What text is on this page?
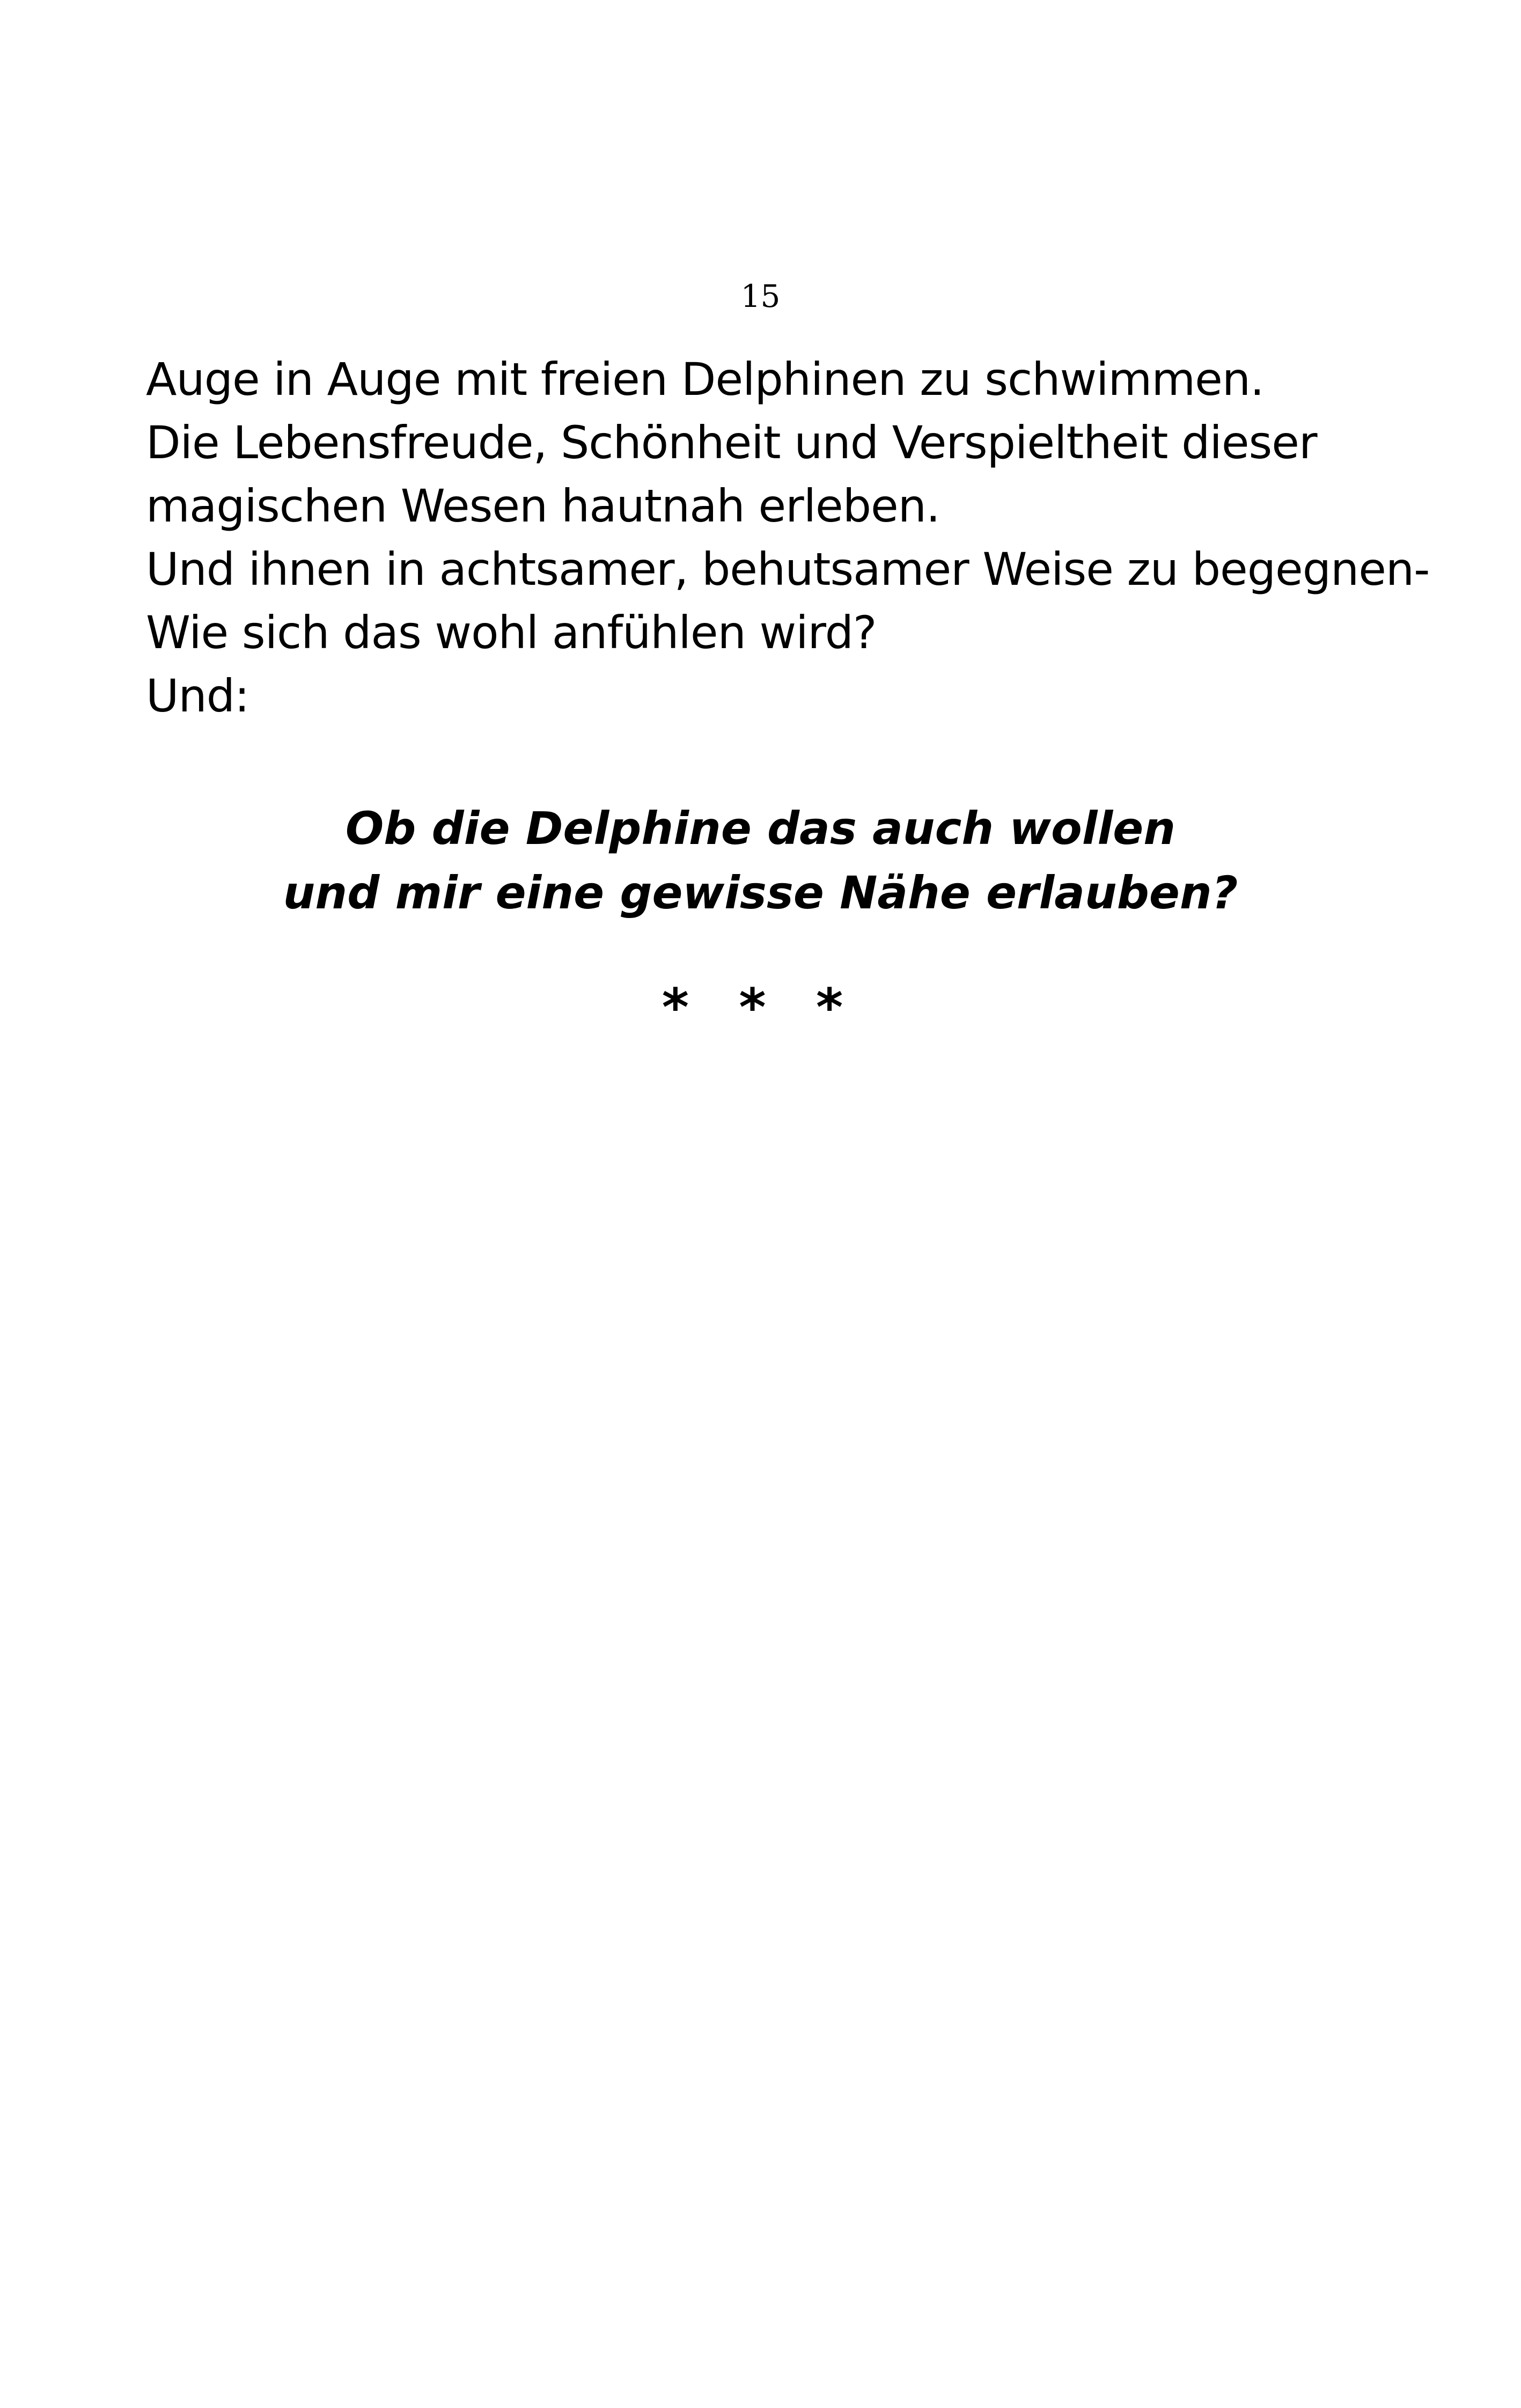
15
Auge in Auge mit freien Delphinen zu schwimmen.
Die Lebensfreude, Schönheit und Verspieltheit dieser
magischen Wesen hautnah erleben.
Und ihnen in achtsamer, behutsamer Weise zu begegnen-
Wie sich das wohl anfühlen wird?
Und:
Ob die Delphine das auch wollen
und mir eine gewisse Nähe erlauben?
* * *
